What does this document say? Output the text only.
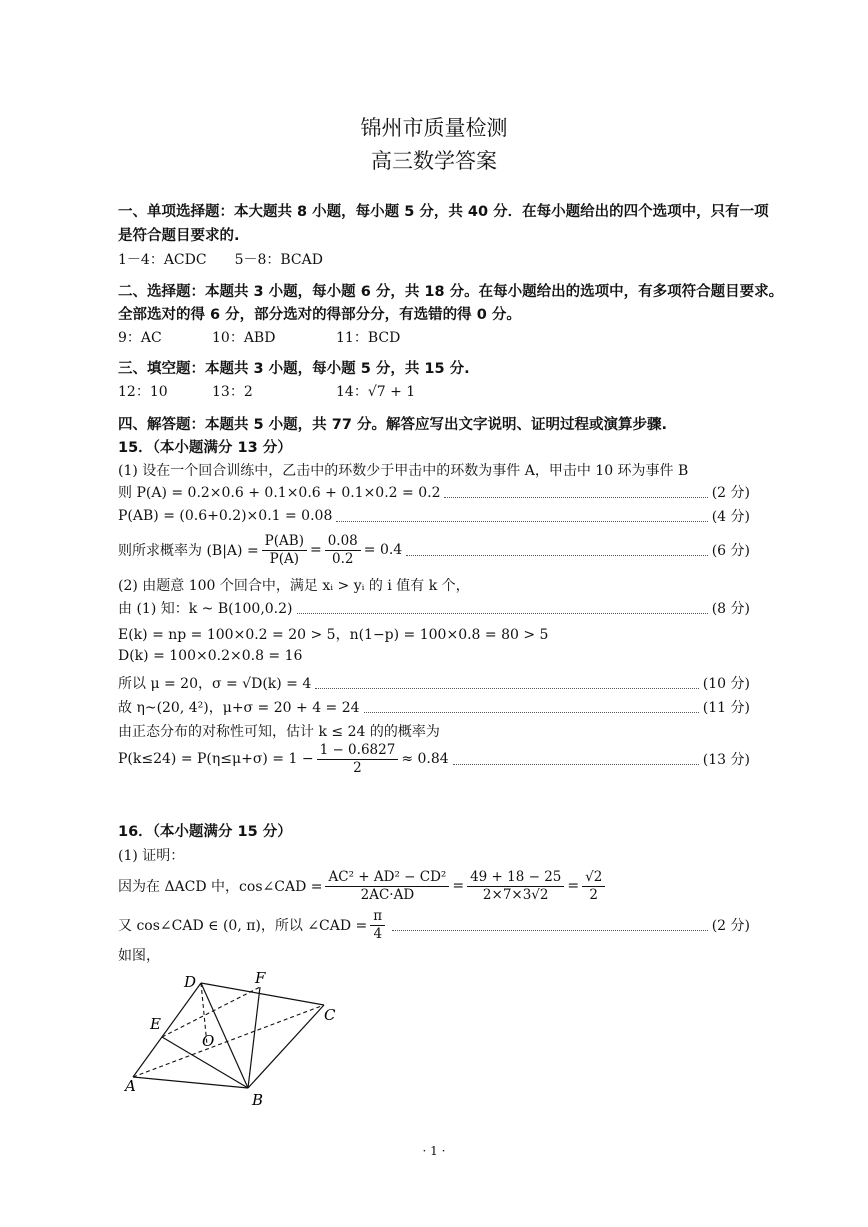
锦州市质量检测
高三数学答案
一、单项选择题：本大题共 8 小题，每小题 5 分，共 40 分．在每小题给出的四个选项中，只有一项
是符合题目要求的.
1－4：ACDC　　5－8：BCAD
二、选择题：本题共 3 小题，每小题 6 分，共 18 分。在每小题给出的选项中，有多项符合题目要求。
全部选对的得 6 分，部分选对的得部分分，有选错的得 0 分。
9：AC	10：ABD	11：BCD
三、填空题：本题共 3 小题，每小题 5 分，共 15 分.
12：10	13：2	14：√7 + 1
四、解答题：本题共 5 小题，共 77 分。解答应写出文字说明、证明过程或演算步骤.
15．（本小题满分 13 分）
(1) 设在一个回合训练中，乙击中的环数少于甲击中的环数为事件 A，甲击中 10 环为事件 B
则 P(A) = 0.2×0.6 + 0.1×0.6 + 0.1×0.2 = 0.2	(2 分)
P(AB) = (0.6+0.2)×0.1 = 0.08	(4 分)
则所求概率为 $(B|A) = \frac{P(AB)}{P(A)} = \frac{0.08}{0.2} = 0.4$	(6 分)
(2) 由题意 100 个回合中，满足 xᵢ > yᵢ 的 i 值有 k 个，
由 (1) 知：k ~ B(100,0.2)	(8 分)
E(k) = np = 100×0.2 = 20 > 5，n(1−p) = 100×0.8 = 80 > 5
D(k) = 100×0.2×0.8 = 16
所以 μ = 20，σ = √D(k) = 4	(10 分)
故 η~(20, 4²)，μ+σ = 20 + 4 = 24	(11 分)
由正态分布的对称性可知，估计 k ≤ 24 的的概率为
$P(k\le 24) = P(\eta\le\mu+\sigma) = 1 - \frac{1 - 0.6827}{2} \approx 0.84$	(13 分)
16．（本小题满分 15 分）
(1) 证明：
因为在 ΔACD 中，cos∠CAD = $\frac{\text{AC² + AD² − CD²}}{2AC\cdot AD} = \frac{49 + 18 - 25}{2\times 7\times 3√2} = \frac{√2}{2}$
又 cos∠CAD ∈ (0, π)，所以 ∠CAD = $\frac{\pi}{4}$	(2 分)
如图，
D	F
C
E
O
A
B
· 1 ·
